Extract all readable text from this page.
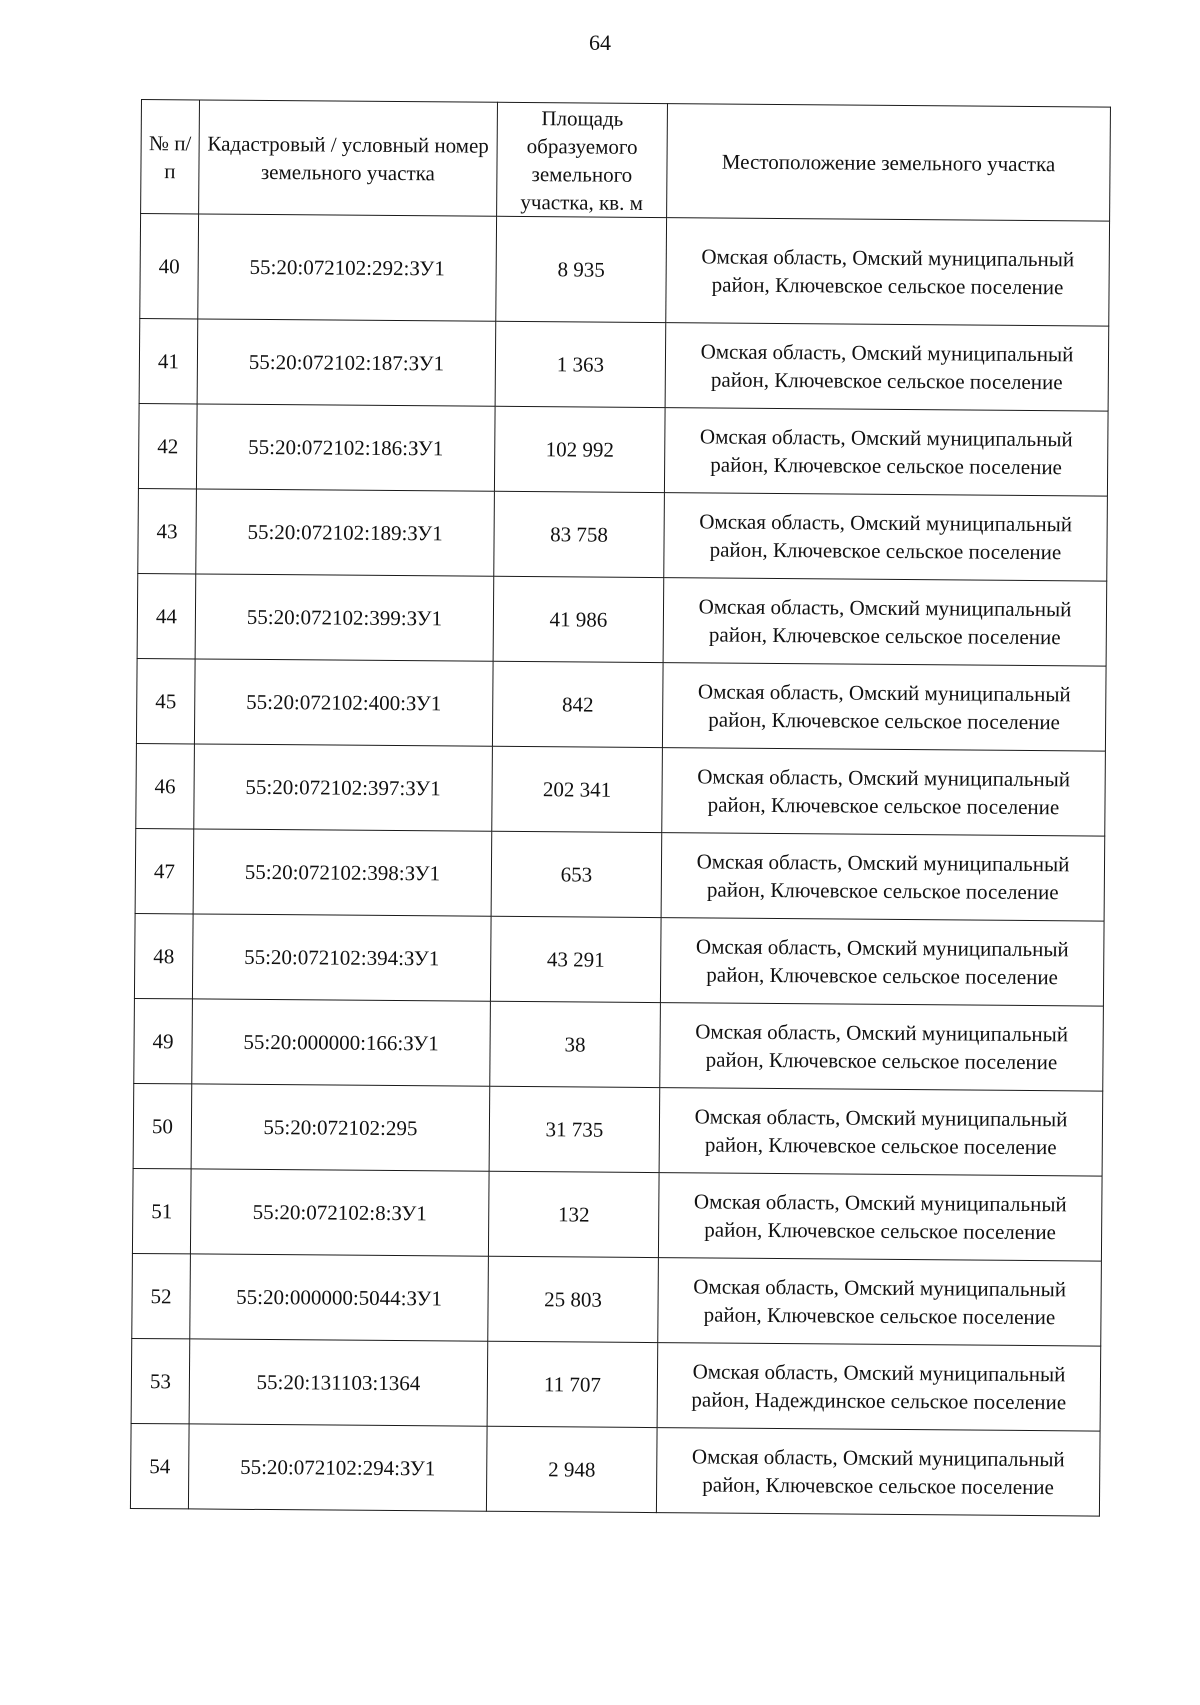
64
№ п/п	Кадастровый / условный номер земельного участка	Площадь образуемого земельного участка, кв. м	Местоположение земельного участка
40	55:20:072102:292:ЗУ1	8 935	Омская область, Омский муниципальный район, Ключевское сельское поселение
41	55:20:072102:187:ЗУ1	1 363	Омская область, Омский муниципальный район, Ключевское сельское поселение
42	55:20:072102:186:ЗУ1	102 992	Омская область, Омский муниципальный район, Ключевское сельское поселение
43	55:20:072102:189:ЗУ1	83 758	Омская область, Омский муниципальный район, Ключевское сельское поселение
44	55:20:072102:399:ЗУ1	41 986	Омская область, Омский муниципальный район, Ключевское сельское поселение
45	55:20:072102:400:ЗУ1	842	Омская область, Омский муниципальный район, Ключевское сельское поселение
46	55:20:072102:397:ЗУ1	202 341	Омская область, Омский муниципальный район, Ключевское сельское поселение
47	55:20:072102:398:ЗУ1	653	Омская область, Омский муниципальный район, Ключевское сельское поселение
48	55:20:072102:394:ЗУ1	43 291	Омская область, Омский муниципальный район, Ключевское сельское поселение
49	55:20:000000:166:ЗУ1	38	Омская область, Омский муниципальный район, Ключевское сельское поселение
50	55:20:072102:295	31 735	Омская область, Омский муниципальный район, Ключевское сельское поселение
51	55:20:072102:8:ЗУ1	132	Омская область, Омский муниципальный район, Ключевское сельское поселение
52	55:20:000000:5044:ЗУ1	25 803	Омская область, Омский муниципальный район, Ключевское сельское поселение
53	55:20:131103:1364	11 707	Омская область, Омский муниципальный район, Надеждинское сельское поселение
54	55:20:072102:294:ЗУ1	2 948	Омская область, Омский муниципальный район, Ключевское сельское поселение
